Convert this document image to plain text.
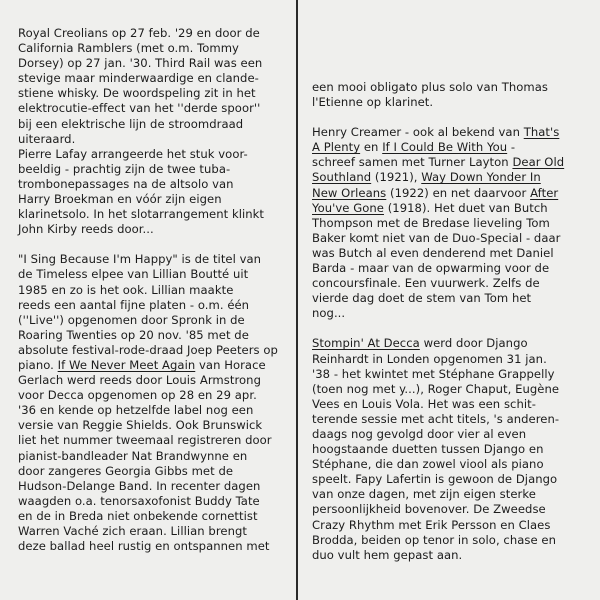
Royal Creolians op 27 feb. '29 en door de

California Ramblers (met o.m. Tommy

Dorsey) op 27 jan. '30. Third Rail was een

stevige maar minderwaardige en clande-

stiene whisky. De woordspeling zit in het

elektrocutie-effect van het ''derde spoor''

bij een elektrische lijn de stroomdraad

uiteraard.

Pierre Lafay arrangeerde het stuk voor-

beeldig - prachtig zijn de twee tuba-

trombonepassages na de altsolo van

Harry Broekman en vóór zijn eigen

klarinetsolo. In het slotarrangement klinkt

John Kirby reeds door...

"I Sing Because I'm Happy" is de titel van

de Timeless elpee van Lillian Boutté uit

1985 en zo is het ook. Lillian maakte

reeds een aantal fijne platen - o.m. één

(''Live'') opgenomen door Spronk in de

Roaring Twenties op 20 nov. '85 met de

absolute festival-rode-draad Joep Peeters op

piano. If We Never Meet Again van Horace

Gerlach werd reeds door Louis Armstrong

voor Decca opgenomen op 28 en 29 apr.

'36 en kende op hetzelfde label nog een

versie van Reggie Shields. Ook Brunswick

liet het nummer tweemaal registreren door

pianist-bandleader Nat Brandwynne en

door zangeres Georgia Gibbs met de

Hudson-Delange Band. In recenter dagen

waagden o.a. tenorsaxofonist Buddy Tate

en de in Breda niet onbekende cornettist

Warren Vaché zich eraan. Lillian brengt

deze ballad heel rustig en ontspannen met

een mooi obligato plus solo van Thomas

l'Etienne op klarinet.

Henry Creamer - ook al bekend van That's

A Plenty en If I Could Be With You -

schreef samen met Turner Layton Dear Old

Southland (1921), Way Down Yonder In

New Orleans (1922) en net daarvoor After

You've Gone (1918). Het duet van Butch

Thompson met de Bredase lieveling Tom

Baker komt niet van de Duo-Special - daar

was Butch al even denderend met Daniel

Barda - maar van de opwarming voor de

concoursfinale. Een vuurwerk. Zelfs de

vierde dag doet de stem van Tom het

nog...

Stompin' At Decca werd door Django

Reinhardt in Londen opgenomen 31 jan.

'38 - het kwintet met Stéphane Grappelly

(toen nog met y...), Roger Chaput, Eugène

Vees en Louis Vola. Het was een schit-

terende sessie met acht titels, 's anderen-

daags nog gevolgd door vier al even

hoogstaande duetten tussen Django en

Stéphane, die dan zowel viool als piano

speelt. Fapy Lafertin is gewoon de Django

van onze dagen, met zijn eigen sterke

persoonlijkheid bovenover. De Zweedse

Crazy Rhythm met Erik Persson en Claes

Brodda, beiden op tenor in solo, chase en

duo vult hem gepast aan.
